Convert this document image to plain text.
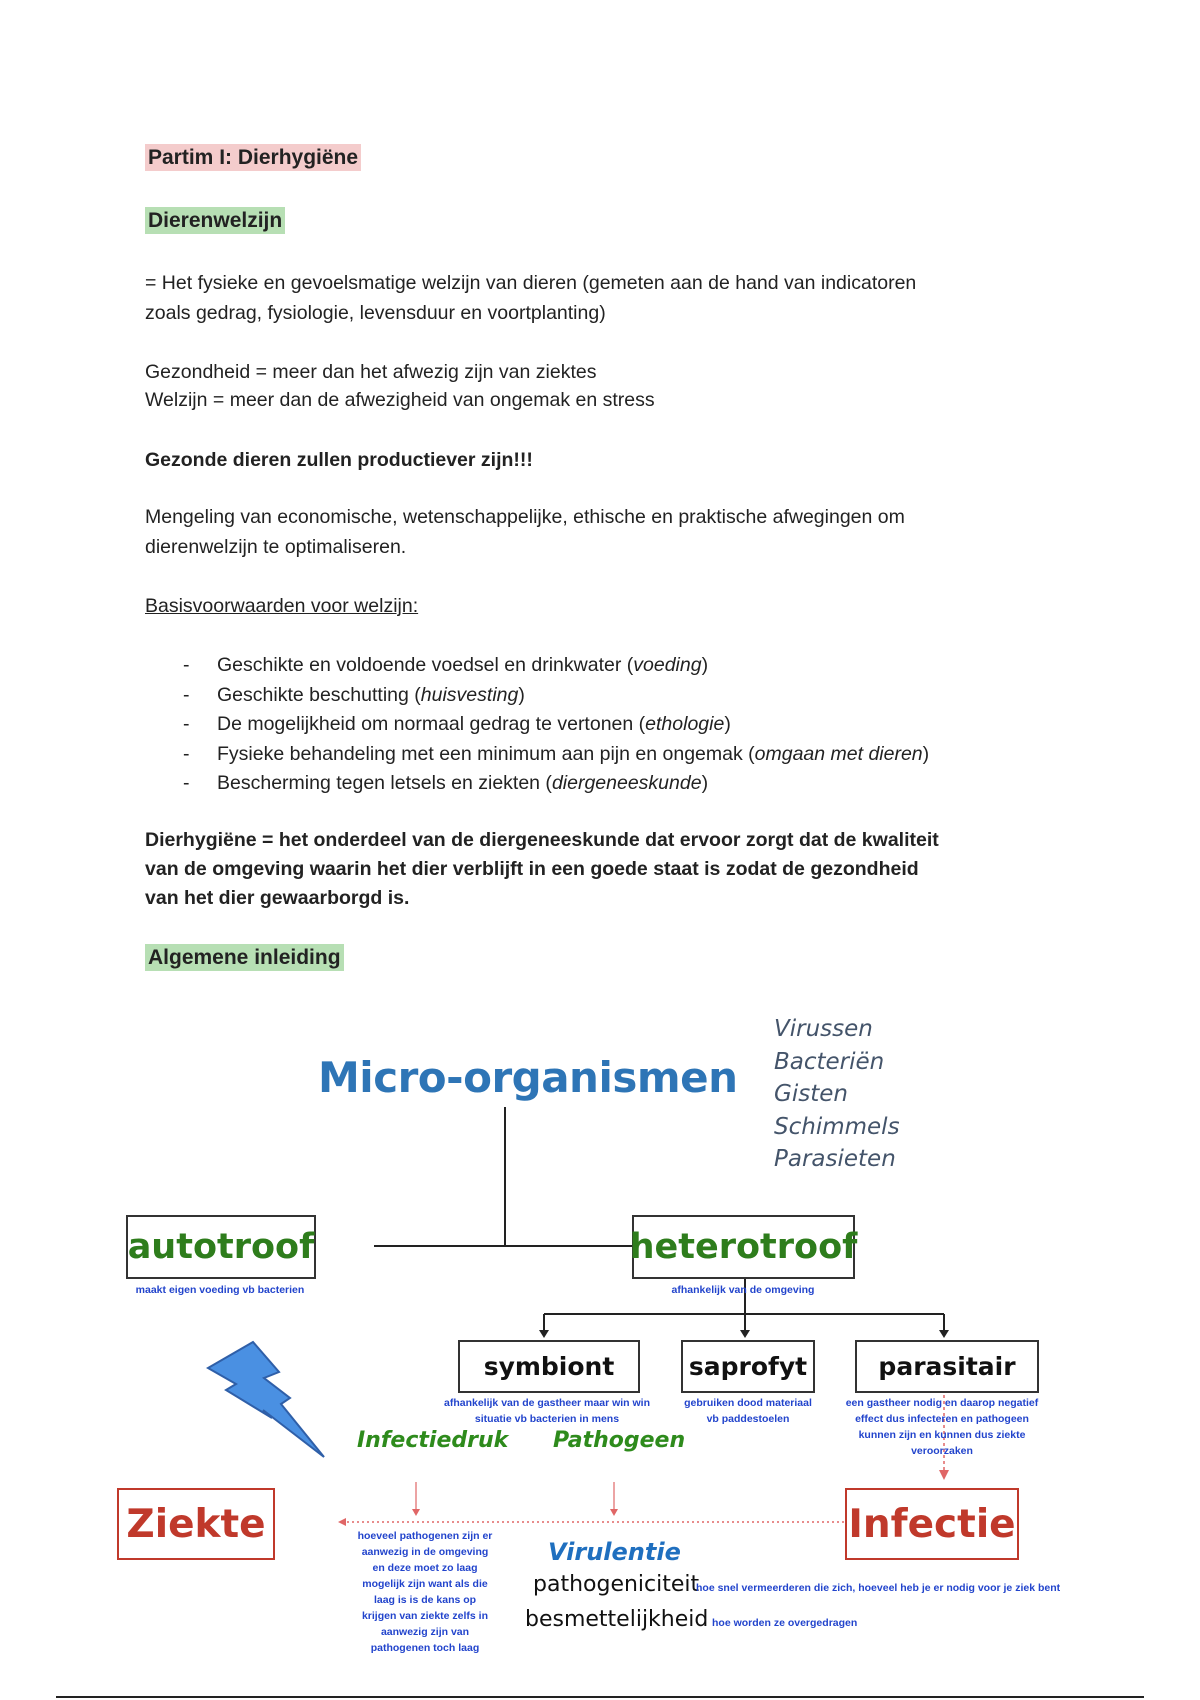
Partim I: Dierhygiëne
Dierenwelzijn
= Het fysieke en gevoelsmatige welzijn van dieren (gemeten aan de hand van indicatoren
zoals gedrag, fysiologie, levensduur en voortplanting)
Gezondheid = meer dan het afwezig zijn van ziektes
Welzijn = meer dan de afwezigheid van ongemak en stress
Gezonde dieren zullen productiever zijn!!!
Mengeling van economische, wetenschappelijke, ethische en praktische afwegingen om
dierenwelzijn te optimaliseren.
Basisvoorwaarden voor welzijn:
- Geschikte en voldoende voedsel en drinkwater (voeding)
- Geschikte beschutting (huisvesting)
- De mogelijkheid om normaal gedrag te vertonen (ethologie)
- Fysieke behandeling met een minimum aan pijn en ongemak (omgaan met dieren)
- Bescherming tegen letsels en ziekten (diergeneeskunde)
Dierhygiëne = het onderdeel van de diergeneeskunde dat ervoor zorgt dat de kwaliteit
van de omgeving waarin het dier verblijft in een goede staat is zodat de gezondheid
van het dier gewaarborgd is.
Algemene inleiding
Micro-organismen
Virussen
Bacteriën
Gisten
Schimmels
Parasieten
autotroof
maakt eigen voeding vb bacterien
heterotroof
afhankelijk van de omgeving
symbiont
afhankelijk van de gastheer maar win win
situatie vb bacterien in mens
saprofyt
gebruiken dood materiaal
vb paddestoelen
parasitair
een gastheer nodig en daarop negatief
effect dus infecteren en pathogeen
kunnen zijn en kunnen dus ziekte
veroorzaken
Infectiedruk Pathogeen
Ziekte	Infectie
hoeveel pathogenen zijn er
aanwezig in de omgeving
en deze moet zo laag
mogelijk zijn want als die
laag is is de kans op
krijgen van ziekte zelfs in
aanwezig zijn van
pathogenen toch laag
Virulentie
pathogeniciteit
hoe snel vermeerderen die zich, hoeveel heb je er nodig voor je ziek bent
besmettelijkheid hoe worden ze overgedragen
